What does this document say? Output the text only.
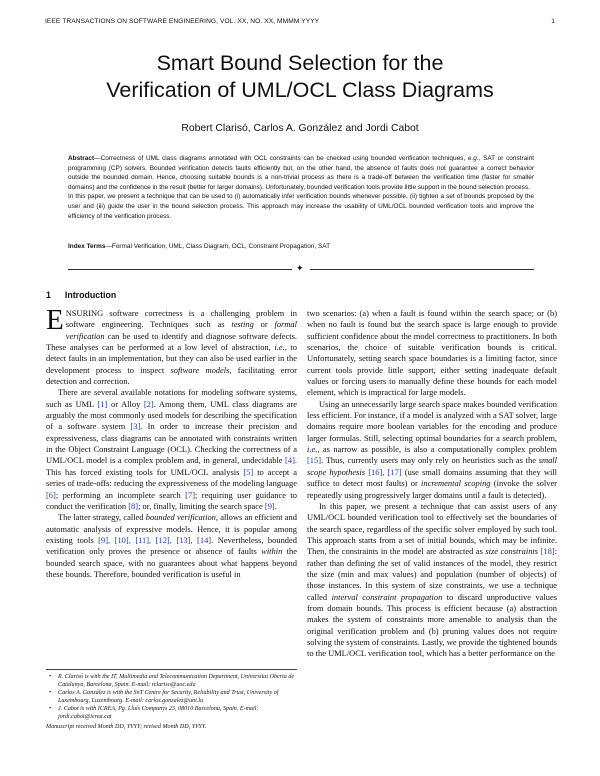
IEEE TRANSACTIONS ON SOFTWARE ENGINEERING, VOL. XX, NO. XX, MMMM YYYY	1
Smart Bound Selection for the
Verification of UML/OCL Class Diagrams
Robert Clarisó, Carlos A. González and Jordi Cabot

Abstract—Correctness of UML class diagrams annotated with OCL constraints can be checked using bounded verification techniques, e.g., SAT or constraint programming (CP) solvers. Bounded verification detects faults efficiently but, on the other hand, the absence of faults does not guarantee a correct behavior outside the bounded domain. Hence, choosing suitable bounds is a non-trivial process as there is a trade-off between the verification time (faster for smaller domains) and the confidence in the result (better for larger domains). Unfortunately, bounded verification tools provide little support in the bound selection process.

In this paper, we present a technique that can be used to (i) automatically infer verification bounds whenever possible, (ii) tighten a set of bounds proposed by the user and (iii) guide the user in the bound selection process. This approach may increase the usability of UML/OCL bounded verification tools and improve the efficiency of the verification process.

Index Terms—Formal Verification, UML, Class Diagram, OCL, Constraint Propagation, SAT
✦
1 Introduction

ENSURING software correctness is a challenging problem in software engineering. Techniques such as testing or formal verification can be used to identify and diagnose software defects. These analyses can be performed at a low level of abstraction, i.e., to detect faults in an implementation, but they can also be used earlier in the development process to inspect software models, facilitating error detection and correction.

There are several available notations for modeling software systems, such as UML [1] or Alloy [2]. Among them, UML class diagrams are arguably the most commonly used models for describing the specification of a software system [3]. In order to increase their precision and expressiveness, class diagrams can be annotated with constraints written in the Object Constraint Language (OCL). Checking the correctness of a UML/OCL model is a complex problem and, in general, undecidable [4]. This has forced existing tools for UML/OCL analysis [5] to accept a series of trade-offs: reducing the expressiveness of the modeling language [6]; performing an incomplete search [7]; requiring user guidance to conduct the verification [8]; or, finally, limiting the search space [9].

The latter strategy, called bounded verification, allows an efficient and automatic analysis of expressive models. Hence, it is popular among existing tools [9], [10], [11], [12], [13], [14]. Nevertheless, bounded verification only proves the presence or absence of faults within the bounded search space, with no guarantees about what happens beyond these bounds. Therefore, bounded verification is useful in

• R. Clarisó is with the IT, Multimedia and Telecommunication Department, Universitat Oberta de Catalunya, Barcelona, Spain. E-mail: rclariso@uoc.edu

• Carlos A. González is with the SnT Centre for Security, Reliability and Trust, University of Luxembourg, Luxembourg. E-mail: carlos.gonzalez@uni.lu

• J. Cabot is with ICREA, Pg. Lluís Companys 23, 08010 Barcelona, Spain. E-mail: jordi.cabot@icrea.cat

Manuscript received Month DD, YYYY; revised Month DD, YYYY.

two scenarios: (a) when a fault is found within the search space; or (b) when no fault is found but the search space is large enough to provide sufficient confidence about the model correctness to practitioners. In both scenarios, the choice of suitable verification bounds is critical. Unfortunately, setting search space boundaries is a limiting factor, since current tools provide little support, either setting inadequate default values or forcing users to manually define these bounds for each model element, which is impractical for large models.

Using an unnecessarily large search space makes bounded verification less efficient. For instance, if a model is analyzed with a SAT solver, large domains require more boolean variables for the encoding and produce larger formulas. Still, selecting optimal boundaries for a search problem, i.e., as narrow as possible, is also a computationally complex problem [15]. Thus, currently users may only rely on heuristics such as the small scope hypothesis [16], [17] (use small domains assuming that they will suffice to detect most faults) or incremental scoping (invoke the solver repeatedly using progressively larger domains until a fault is detected).

In this paper, we present a technique that can assist users of any UML/OCL bounded verification tool to effectively set the boundaries of the search space, regardless of the specific solver employed by such tool. This approach starts from a set of initial bounds, which may be infinite. Then, the constraints in the model are abstracted as size constraints [18]: rather than defining the set of valid instances of the model, they restrict the size (min and max values) and population (number of objects) of those instances. In this system of size constraints, we use a technique called interval constraint propagation to discard unproductive values from domain bounds. This process is efficient because (a) abstraction makes the system of constraints more amenable to analysis than the original verification problem and (b) pruning values does not require solving the system of constraints. Lastly, we provide the tightened bounds to the UML/OCL verification tool, which has a better performance on the
